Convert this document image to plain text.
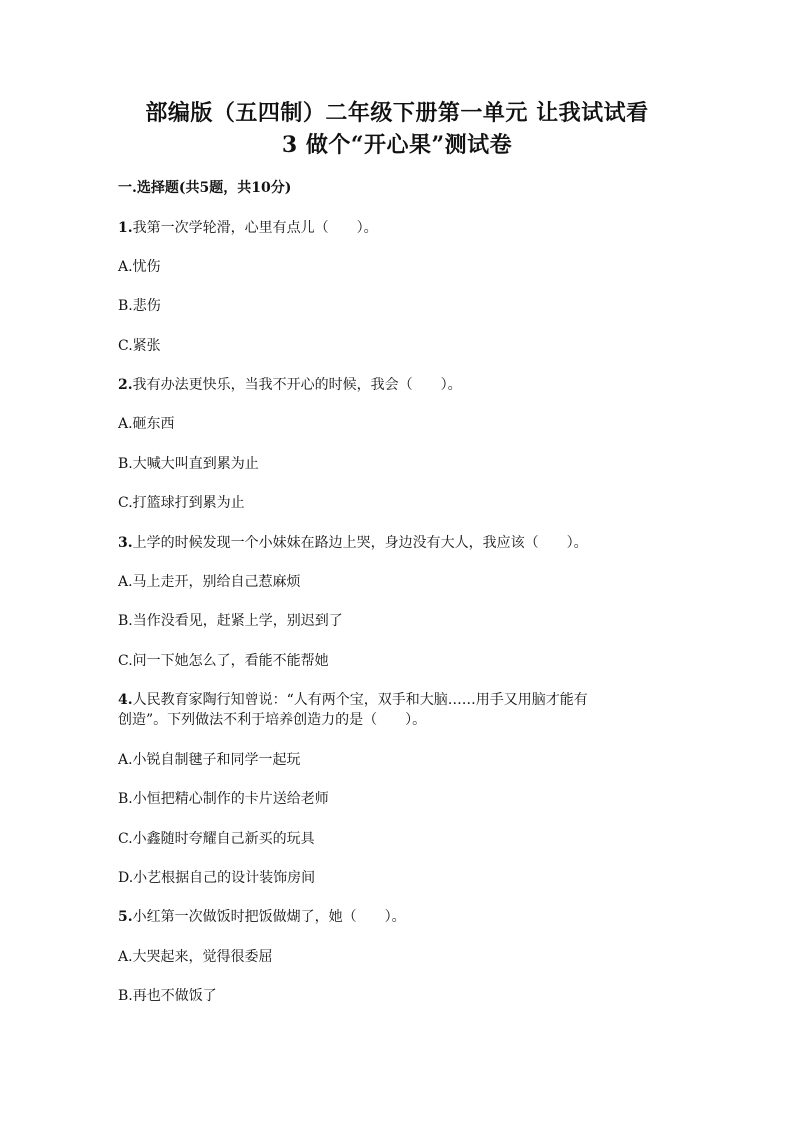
部编版（五四制）二年级下册第一单元 让我试试看
3 做个“开心果”测试卷
一.选择题(共5题，共10分)
1.我第一次学轮滑，心里有点儿（　　）。
A.忧伤
B.悲伤
C.紧张
2.我有办法更快乐，当我不开心的时候，我会（　　）。
A.砸东西
B.大喊大叫直到累为止
C.打篮球打到累为止
3.上学的时候发现一个小妹妹在路边上哭，身边没有大人，我应该（　　）。
A.马上走开，别给自己惹麻烦
B.当作没看见，赶紧上学，别迟到了
C.问一下她怎么了，看能不能帮她
4.人民教育家陶行知曾说：“人有两个宝，双手和大脑……用手又用脑才能有
创造”。下列做法不利于培养创造力的是（　　）。
A.小锐自制毽子和同学一起玩
B.小恒把精心制作的卡片送给老师
C.小鑫随时夸耀自己新买的玩具
D.小艺根据自己的设计装饰房间
5.小红第一次做饭时把饭做煳了，她（　　）。
A.大哭起来，觉得很委屈
B.再也不做饭了
